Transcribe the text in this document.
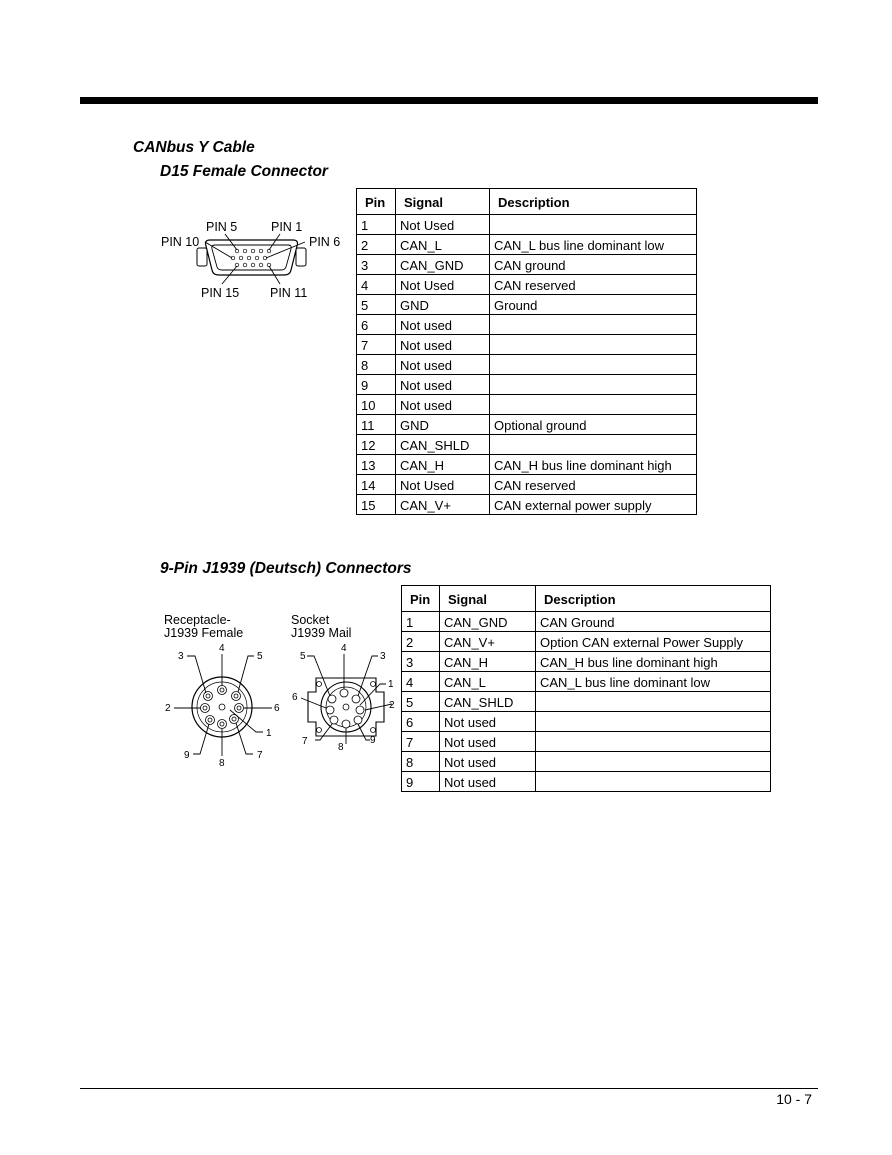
CANbus Y Cable
D15 Female Connector
PIN 5	PIN 1
PIN 10	PIN 6
PIN 15 PIN 11
Pin	Signal	Description
1	Not Used	
2	CAN_L	CAN_L bus line dominant low
3	CAN_GND	CAN ground
4	Not Used	CAN reserved
5	GND	Ground
6	Not used	
7	Not used	
8	Not used	
9	Not used	
10	Not used	
11	GND	Optional ground
12	CAN_SHLD	
13	CAN_H	CAN_H bus line dominant high
14	Not Used	CAN reserved
15	CAN_V+	CAN external power supply
9-Pin J1939 (Deutsch) Connectors
Receptacle-
J1939 Female
Socket
J1939 Mail
4
3	5
2	6
1
9
8
7
4
5	3
6
1
2
7
8
9
Pin	Signal	Description
1	CAN_GND	CAN Ground
2	CAN_V+	Option CAN external Power Supply
3	CAN_H	CAN_H bus line dominant high
4	CAN_L	CAN_L bus line dominant low
5	CAN_SHLD	
6	Not used	
7	Not used	
8	Not used	
9	Not used	
10 - 7
